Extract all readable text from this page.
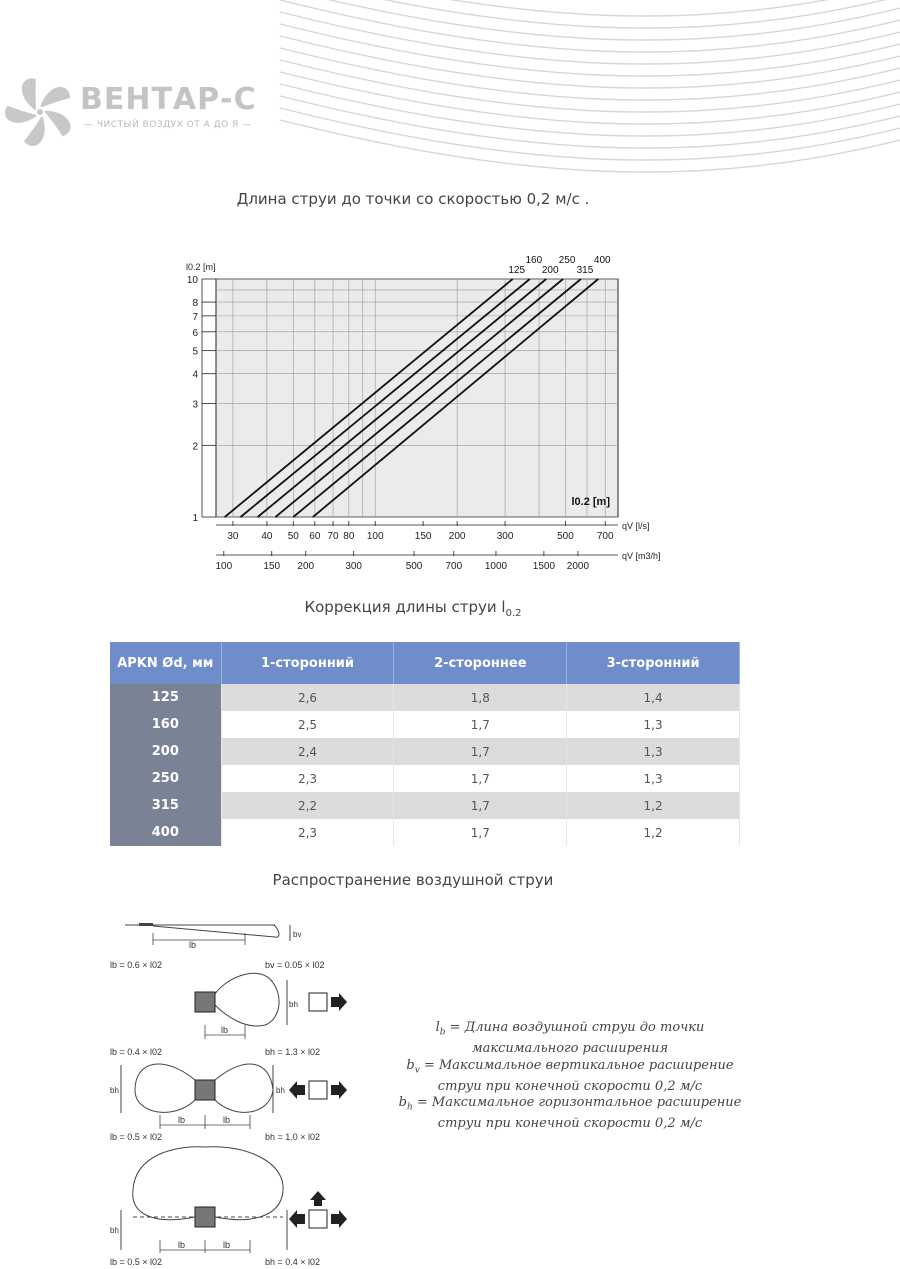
ВЕНТАР-С
— ЧИСТЫЙ ВОЗДУХ ОТ А ДО Я —
Длина струи до точки со скоростью 0,2 м/с .
1
2
3
4
5
6
7
8
10
l0.2 [m]	125
160
200
250
315
400
l0.2 [m]
30 40 50 60 70 80 100	150 200	300	500 700
qV [l/s]
100	150 200	300	500 700 1000	1500 2000
qV [m3/h]
Коррекция длины струи $l_{0.2}$
APKN Ød, мм	1-сторонний	2-стороннее	3-сторонний
125	2,6	1,8	1,4
160	2,5	1,7	1,3
200	2,4	1,7	1,3
250	2,3	1,7	1,3
315	2,2	1,7	1,2
400	2,3	1,7	1,2
Распространение воздушной струи
lb
bv
lb = 0.6 × l02	bv = 0.05 × l02
lb
bh
lb = 0.4 × l02	bh = 1.3 × l02
lb	lb
bh	bh
lb = 0.5 × l02	bh = 1.0 × l02
lb	lb
bh
lb = 0.5 × l02	bh = 0.4 × l02
$l_b$ = Длина воздушной струи до точки
максимального расширения
$b_v$ = Максимальное вертикальное расширение
струи при конечной скорости 0,2 м/с
$b_h$ = Максимальное горизонтальное расширение
струи при конечной скорости 0,2 м/с
